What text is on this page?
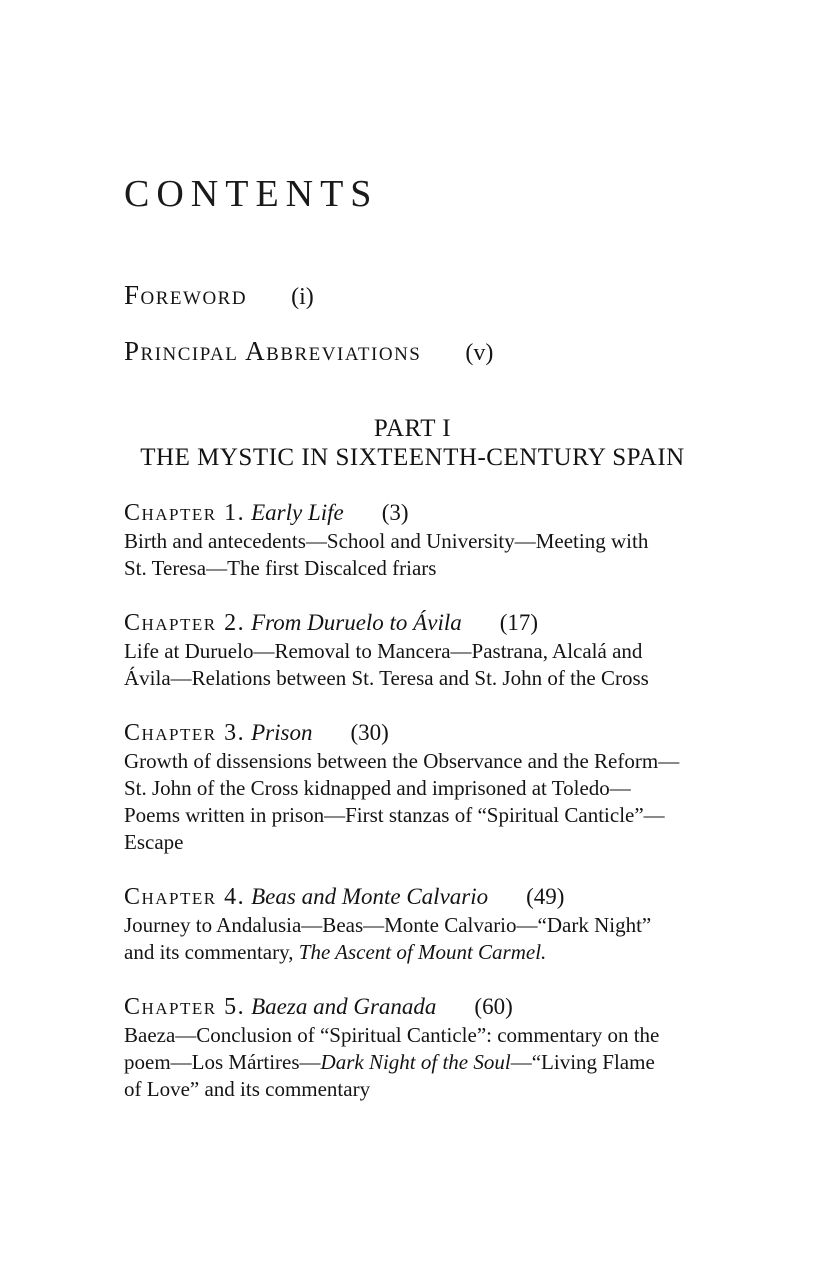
CONTENTS
Foreword (i)
Principal Abbreviations (v)
PART I
THE MYSTIC IN SIXTEENTH-CENTURY SPAIN
Chapter 1. Early Life (3)
Birth and antecedents—School and University—Meeting with
St. Teresa—The first Discalced friars
Chapter 2. From Duruelo to Ávila (17)
Life at Duruelo—Removal to Mancera—Pastrana, Alcalá and
Ávila—Relations between St. Teresa and St. John of the Cross
Chapter 3. Prison (30)
Growth of dissensions between the Observance and the Reform—
St. John of the Cross kidnapped and imprisoned at Toledo—
Poems written in prison—First stanzas of “Spiritual Canticle”—
Escape
Chapter 4. Beas and Monte Calvario (49)
Journey to Andalusia—Beas—Monte Calvario—“Dark Night”
and its commentary, The Ascent of Mount Carmel.
Chapter 5. Baeza and Granada (60)
Baeza—Conclusion of “Spiritual Canticle”: commentary on the
poem—Los Mártires—Dark Night of the Soul—“Living Flame
of Love” and its commentary
